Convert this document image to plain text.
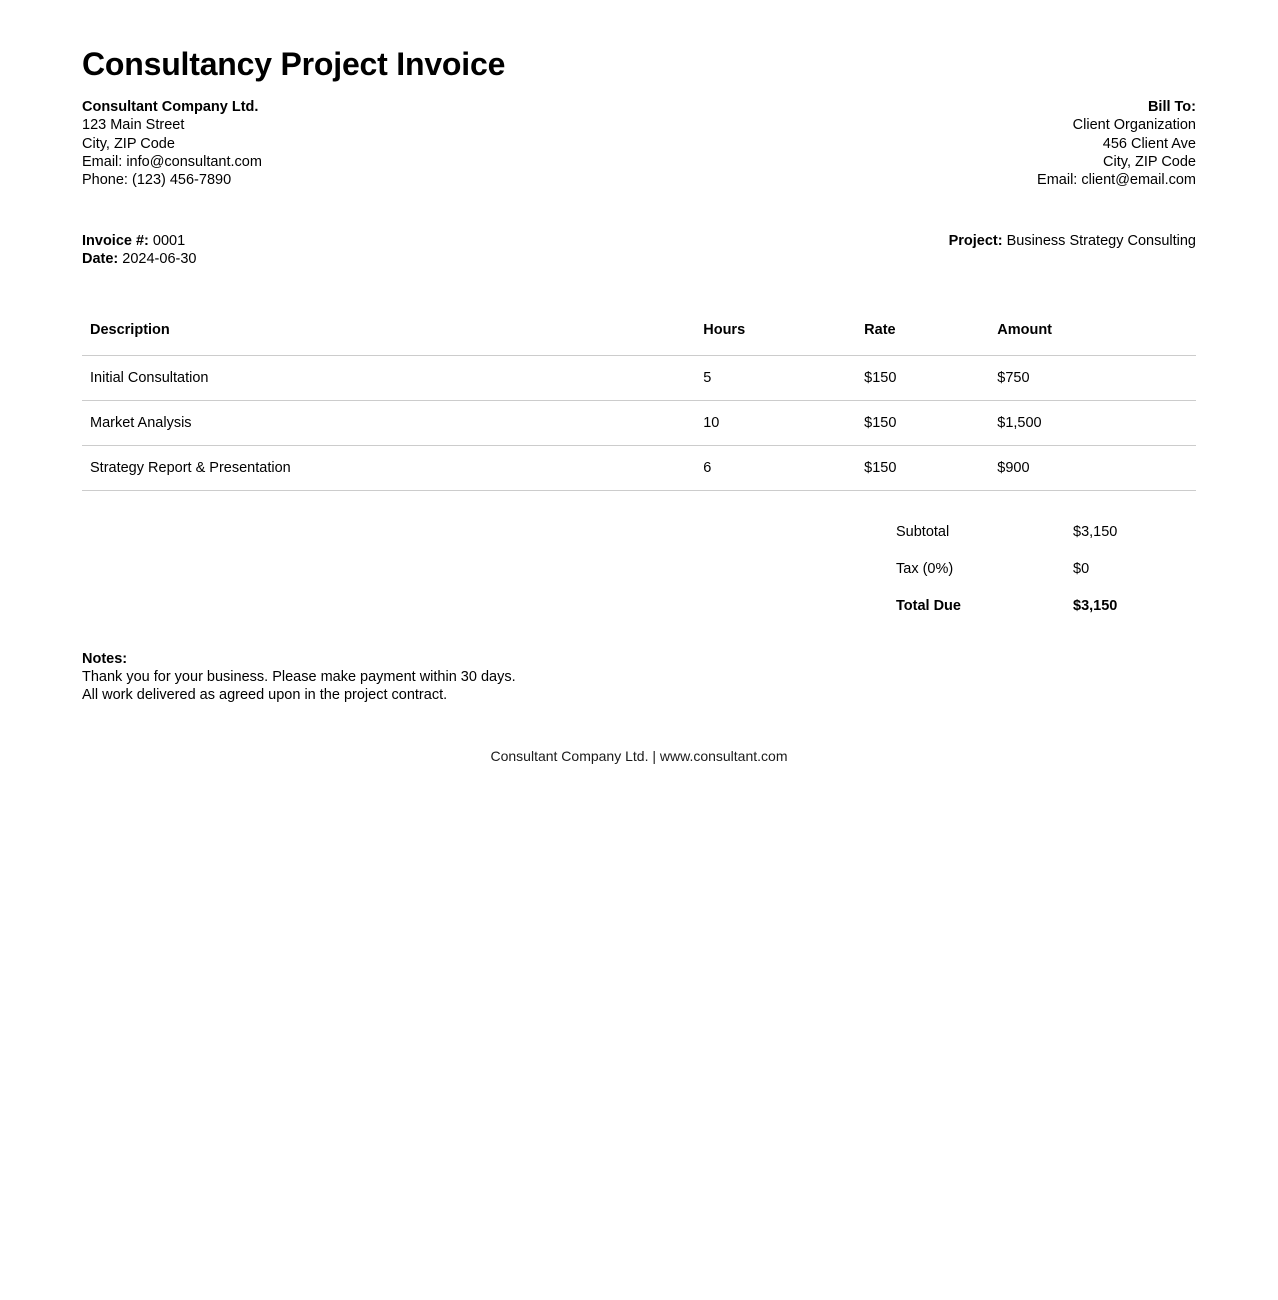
Consultancy Project Invoice
Consultant Company Ltd.
123 Main Street
City, ZIP Code
Email: info@consultant.com
Phone: (123) 456-7890
Bill To:
Client Organization
456 Client Ave
City, ZIP Code
Email: client@email.com
Invoice #: 0001
Date: 2024-06-30
Project: Business Strategy Consulting
Description	Hours	Rate	Amount
Initial Consultation	5	$150	$750
Market Analysis	10	$150	$1,500
Strategy Report & Presentation	6	$150	$900
Subtotal	$3,150
Tax (0%)	$0
Total Due	$3,150
Notes:
Thank you for your business. Please make payment within 30 days.
All work delivered as agreed upon in the project contract.
Consultant Company Ltd. | www.consultant.com
